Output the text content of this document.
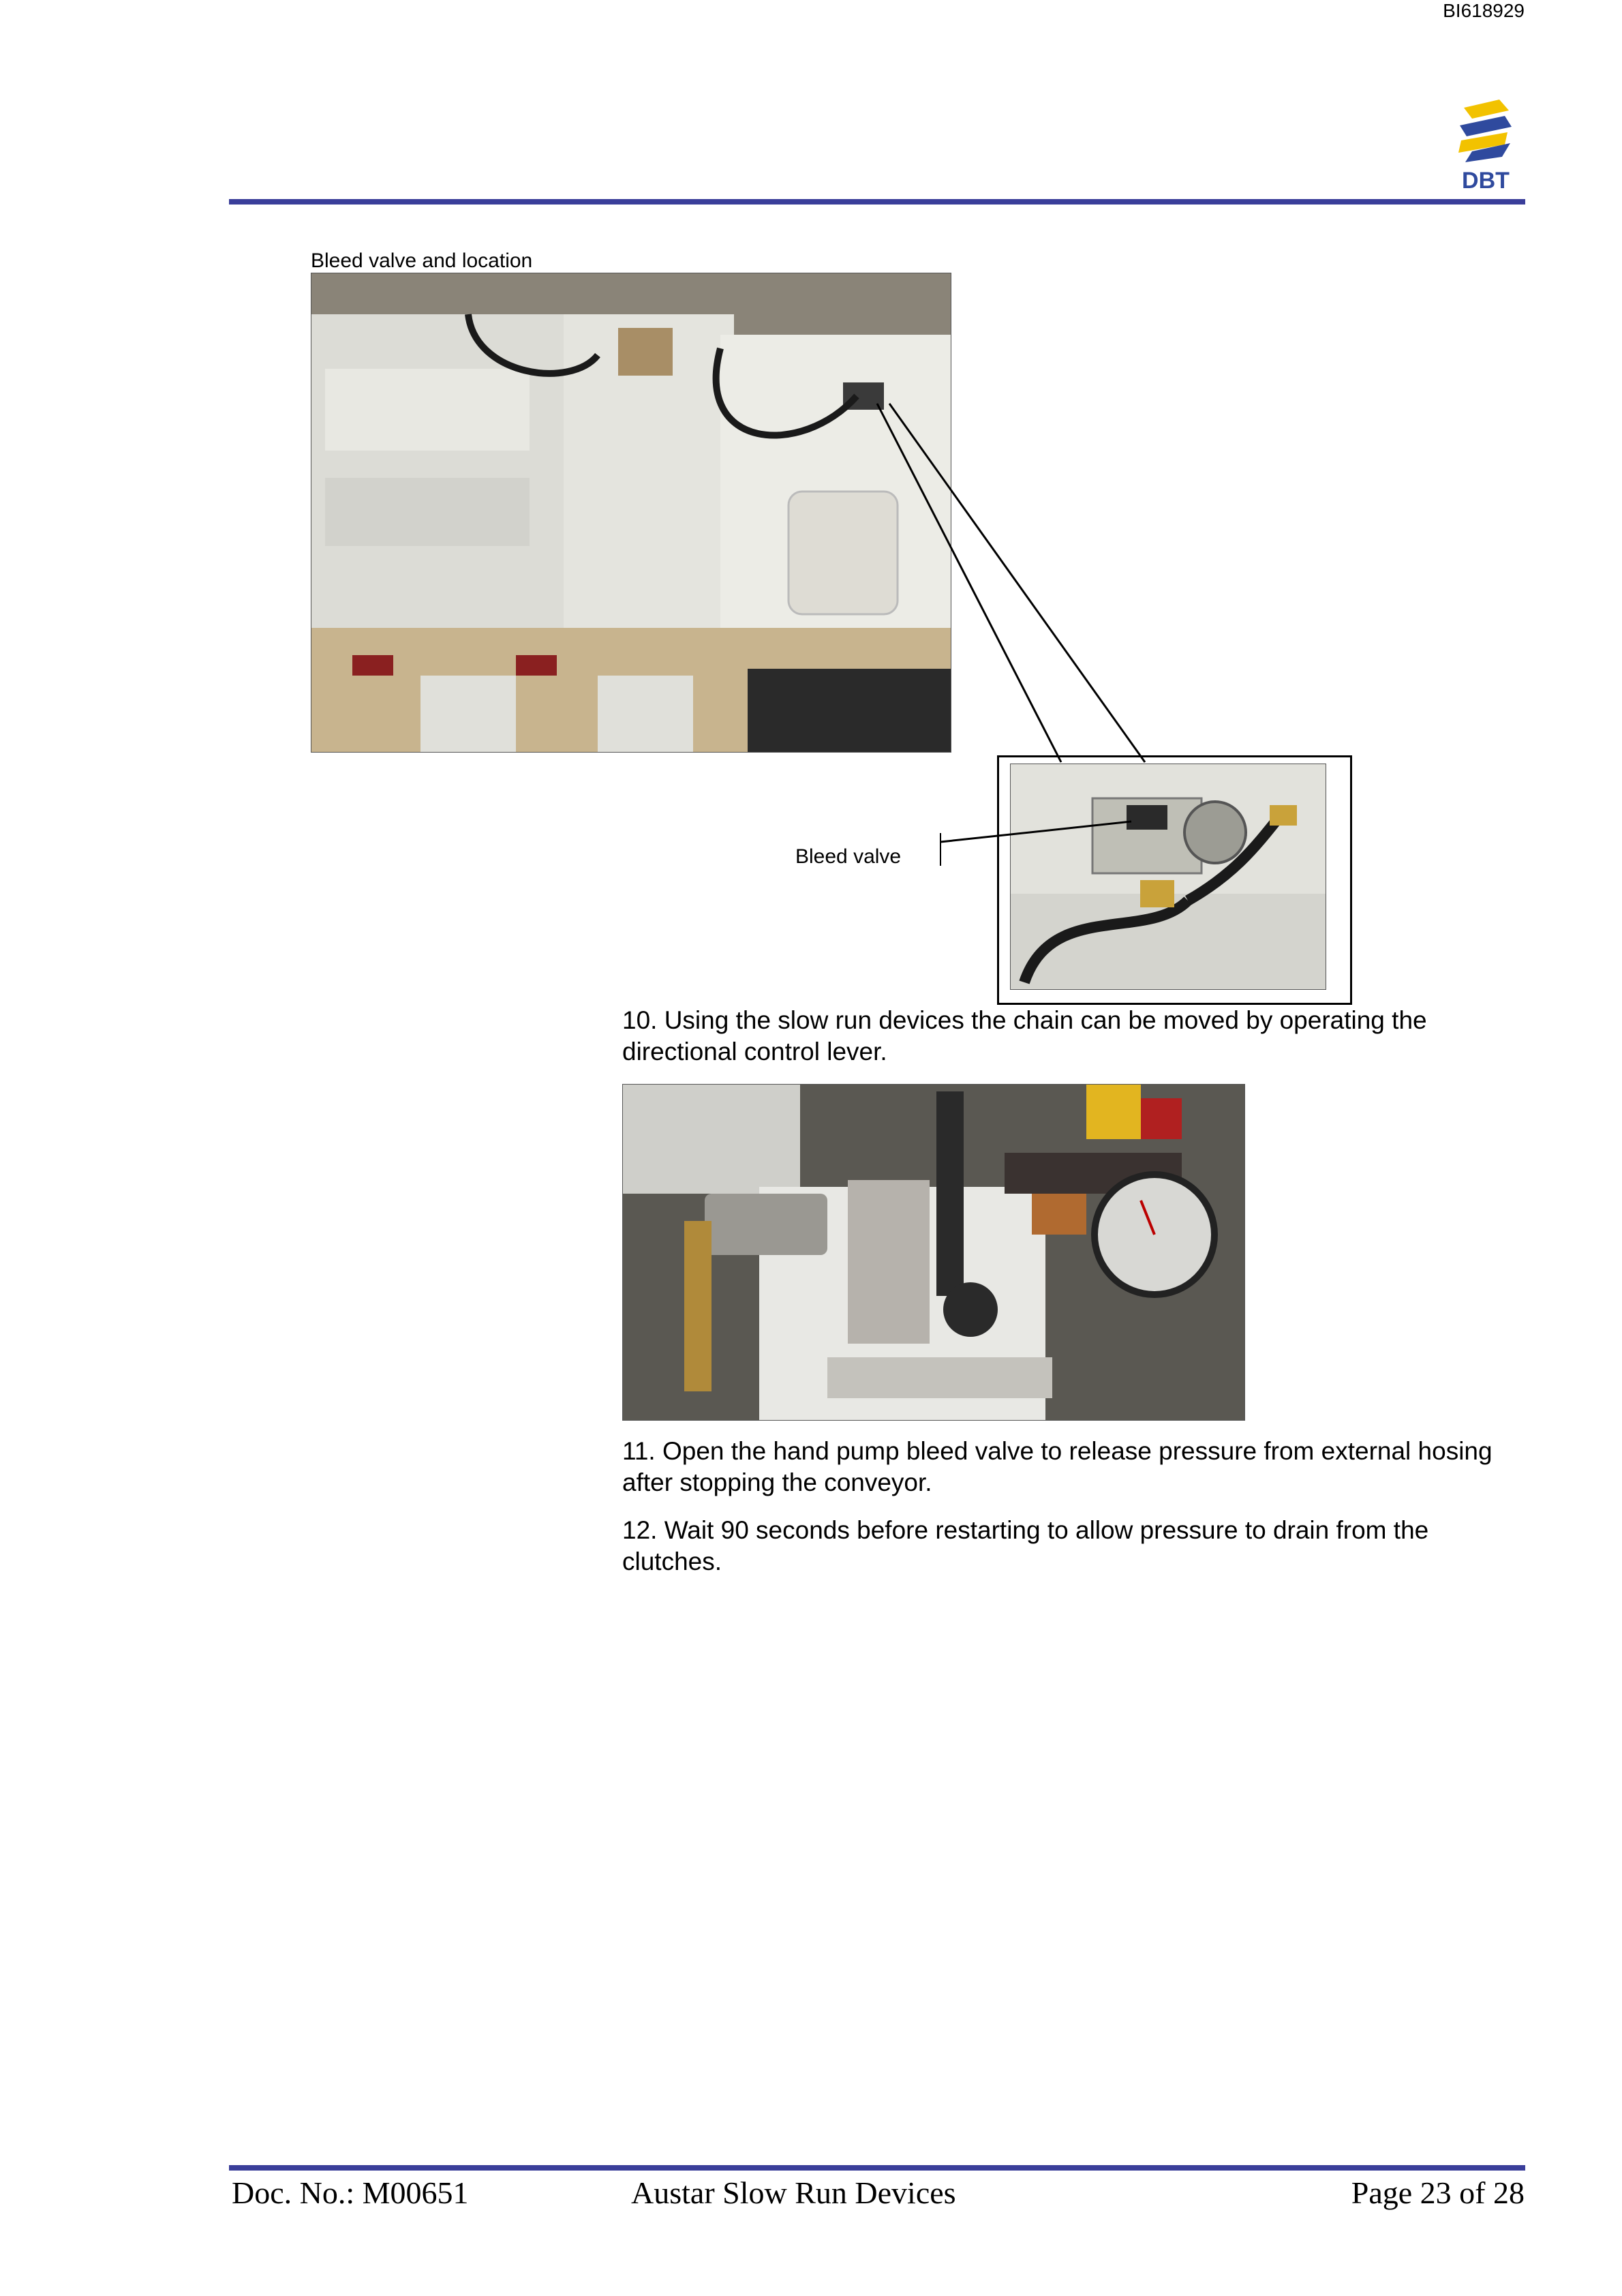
BI618929
DBT
Bleed valve and location
Bleed valve
10. Using the slow run devices the chain can be moved by operating the directional control lever.
11. Open the hand pump bleed valve to release pressure from external hosing after stopping the conveyor.
12. Wait 90 seconds before restarting to allow pressure to drain from the clutches.
Doc. No.: M00651	Austar Slow Run Devices	Page 23 of 28
